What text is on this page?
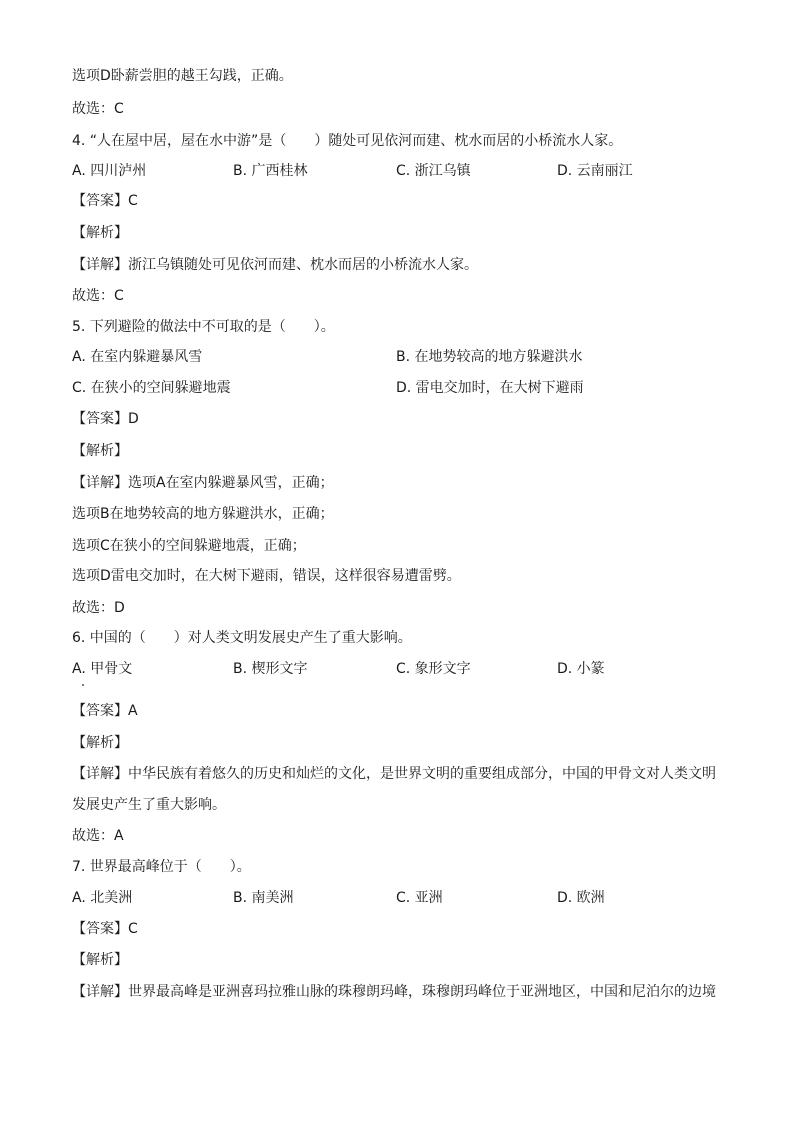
选项D卧薪尝胆的越王勾践，正确。
故选：C
4. “人在屋中居，屋在水中游”是（　　）随处可见依河而建、枕水而居的小桥流水人家。
A. 四川泸州	B. 广西桂林	C. 浙江乌镇	D. 云南丽江
【答案】C
【解析】
【详解】浙江乌镇随处可见依河而建、枕水而居的小桥流水人家。
故选：C
5. 下列避险的做法中不可取的是（　　）。
A. 在室内躲避暴风雪	B. 在地势较高的地方躲避洪水
C. 在狭小的空间躲避地震	D. 雷电交加时，在大树下避雨
【答案】D
【解析】
【详解】选项A在室内躲避暴风雪，正确；
选项B在地势较高的地方躲避洪水，正确；
选项C在狭小的空间躲避地震，正确；
选项D雷电交加时，在大树下避雨，错误，这样很容易遭雷劈。
故选：D
6. 中国的（　　）对人类文明发展史产生了重大影响。
A. 甲骨文	B. 楔形文字	C. 象形文字	D. 小篆
【答案】A
【解析】
【详解】中华民族有着悠久的历史和灿烂的文化，是世界文明的重要组成部分，中国的甲骨文对人类文明
发展史产生了重大影响。
故选：A
7. 世界最高峰位于（　　）。
A. 北美洲	B. 南美洲	C. 亚洲	D. 欧洲
【答案】C
【解析】
【详解】世界最高峰是亚洲喜玛拉雅山脉的珠穆朗玛峰，珠穆朗玛峰位于亚洲地区，中国和尼泊尔的边境
